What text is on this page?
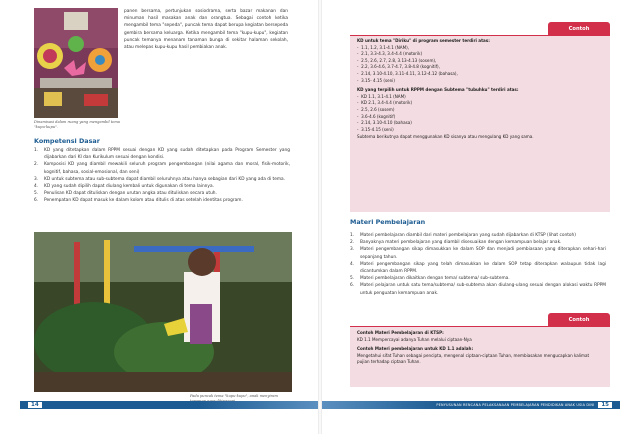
Dinamisasi dalam ruang yang mengambil tema "kupu-kupu".

panen bersama, pertunjukan sosiodrama, serta bazar makanan dan minuman hasil masakan anak dan orangtua. Sebagai contoh ketika mengambil tema "sepeda", puncak tema dapat berupa kegiatan bersepeda gembira bersama keluarga. Ketika mengambil tema "kupu-kupu", kegiatan puncak temanya menanam tanaman bunga di sekitar halaman sekolah, atau melepas kupu-kupu hasil pembiakan anak.

Kompetensi Dasar
1. KD yang ditetapkan dalam RPPM sesuai dengan KD yang sudah ditetapkan pada Program Semester yang dijabarkan dari KI dan Kurikulum sesuai dengan kondisi.
2. Komposisi KD yang diambil mewakili seluruh program pengembangan (nilai agama dan moral, fisik-motorik, kognitif, bahasa, sosial-emosional, dan seni)
3. KD untuk subtema atau sub-subtema dapat diambil seluruhnya atau hanya sebagian dari KD yang ada di tema.
4. KD yang sudah dipilih dapat diulang kembali untuk digunakan di tema lainnya.
5. Penulisan KD dapat dituliskan dengan urutan angka atau dituliskan secara utuh.
6. Penempatan KD dapat masuk ke dalam kolom atau ditulis di atas setelah identitas program.
Pada puncak tema "kupu-kupu", anak menyiram
14
Contoh
KD untuk tema "Diriku" di program semester terdiri atas:
-  1.1, 1.2, 3.1-4.1 (NAM),
-  2.1, 3.3-4.3, 3.4-4.4 (motorik)
-  2.5, 2.6, 2.7, 2.8, 3.13-4.13 (sosem),
-  2.2, 3.6-4.6, 3.7-4.7, 3.8-4.8 (kognitif),
-  2.14, 3.10-4.10, 3.11-4.11, 3.12-4.12 (bahasa),
-  3.15- 4.15 (seni)
KD yang terpilih untuk RPPM dengan Subtema "tubuhku" terdiri atas:
-  KD 1.1, 3.1-4.1 (NAM)
-  KD 2.1, 3.4-4.4 (motorik)
-  2.5, 2.6 (sosem)
-  3.6-4.6 (kognitif)
-  2.14, 3.10-4.10 (bahasa)
-  3.15-4.15 (seni)
Subtema berikutnya dapat menggunakan KD sisanya atau mengulang KD yang sama.
Materi Pembelajaran
1. Materi pembelajaran diambil dari materi pembelajaran yang sudah dijabarkan di KTSP (lihat contoh)
2. Banyaknya materi pembelajaran yang diambil disesuaikan dengan kemampuan belajar anak.
3. Materi pengembangan sikap dimasukkan ke dalam SOP dan menjadi pembiasaan yang diterapkan sehari-hari sepanjang tahun.
4. Materi pengembangan sikap yang telah dimasukkan ke dalam SOP tetap diterapkan walaupun tidak lagi dicantumkan dalam RPPM.
5. Materi pembelajaran dikaitkan dengan tema/ subtema/ sub-subtema.
6. Materi pelajaran untuk satu tema/subtema/ sub-subtema akan diulang-ulang sesuai dengan alokasi waktu RPPM untuk penguatan kemampuan anak.
Contoh
Contoh Materi Pembelajaran di KTSP:
KD 1.1 Mempercayai adanya Tuhan melalui ciptaan-Nya
Contoh Materi pembelajaran untuk KD 1.1 adalah:
Mengetahui sifat Tuhan sebagai pencipta, mengenal ciptaan-ciptaan Tuhan, membiasakan mengucapkan kalimat pujian terhadap ciptaan Tuhan.
PENYUSUNAN RENCANA PELAKSANAAN PEMBELAJARAN PENDIDIKAN ANAK USIA DINI	15
